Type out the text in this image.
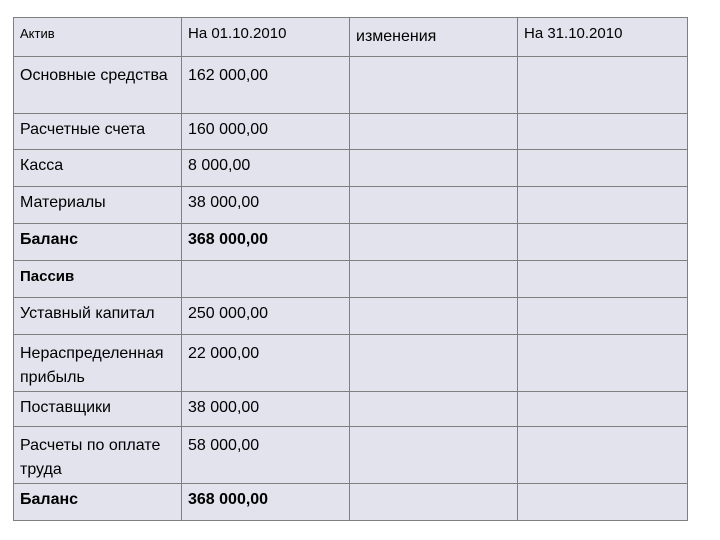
Актив	На 01.10.2010	изменения	На 31.10.2010
Основные средства	162 000,00		
Расчетные счета	160 000,00		
Касса	8 000,00		
Материалы	38 000,00		
Баланс	368 000,00		
Пассив			
Уставный капитал	250 000,00		
Нераспределенная прибыль	22 000,00		
Поставщики	38 000,00		
Расчеты по оплате труда	58 000,00		
Баланс	368 000,00		
